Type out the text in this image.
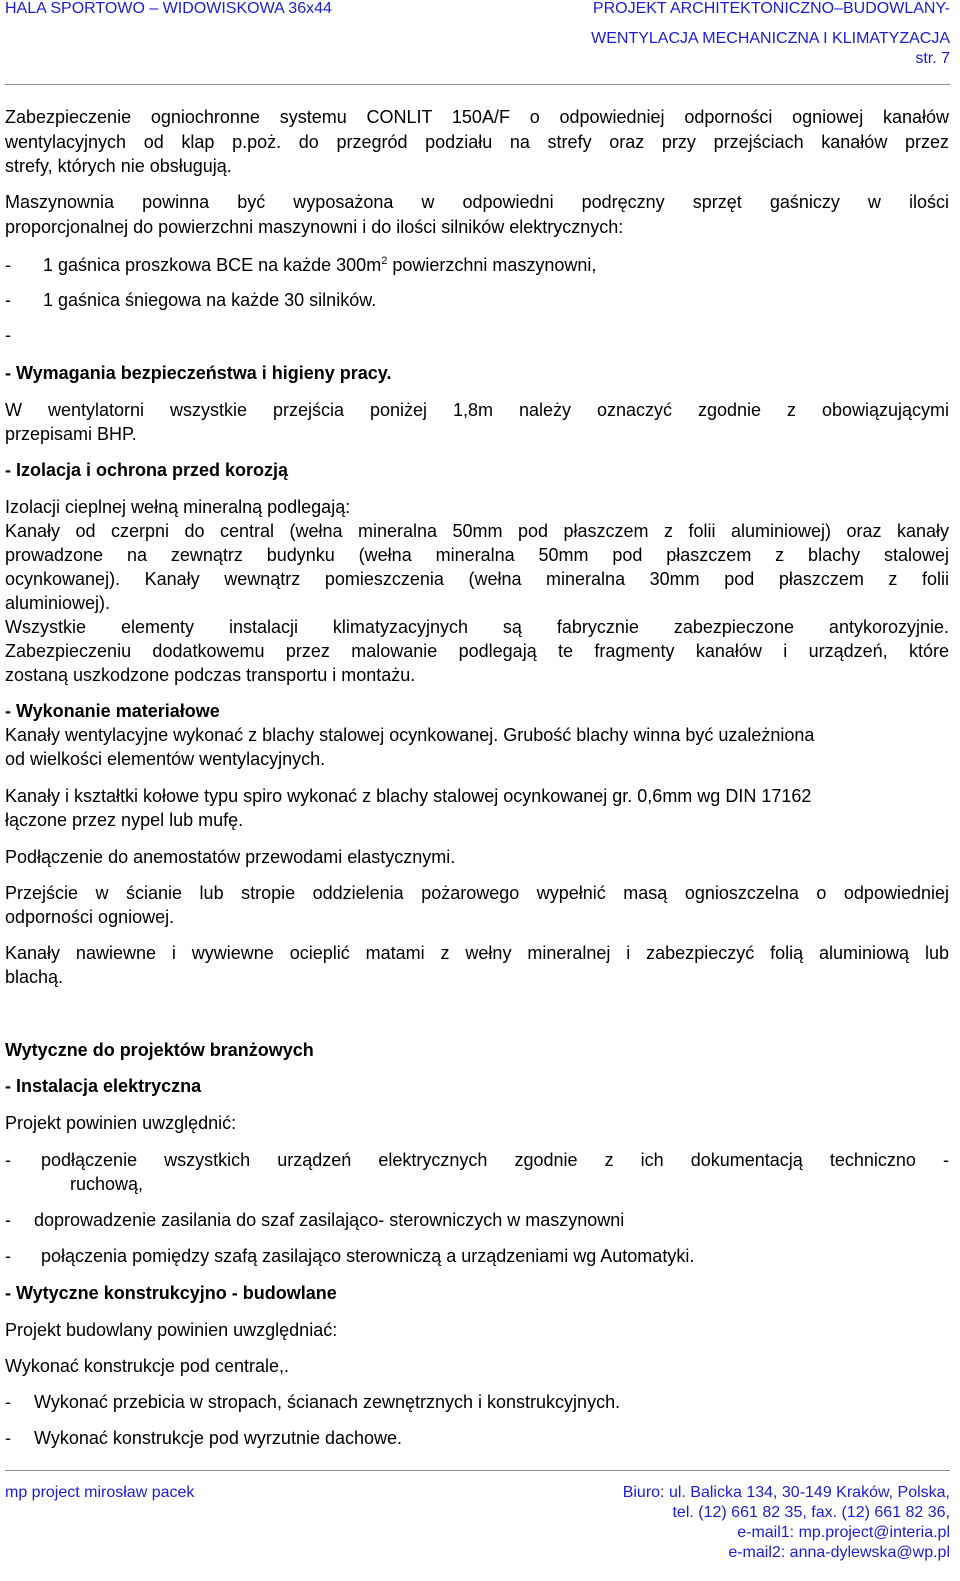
HALA SPORTOWO – WIDOWISKOWA 36x44	PROJEKT ARCHITEKTONICZNO–BUDOWLANY-
WENTYLACJA MECHANICZNA I KLIMATYZACJA
str. 7
Zabezpieczenie ogniochronne systemu CONLIT 150A/F o odpowiedniej odporności ogniowej kanałów
wentylacyjnych od klap p.poż. do przegród podziału na strefy oraz przy przejściach kanałów przez
strefy, których nie obsługują.
Maszynownia powinna być wyposażona w odpowiedni podręczny sprzęt gaśniczy w ilości
proporcjonalnej do powierzchni maszynowni i do ilości silników elektrycznych:
- 1 gaśnica proszkowa BCE na każde $300m^2$ powierzchni maszynowni,
- 1 gaśnica śniegowa na każde 30 silników.
-
- Wymagania bezpieczeństwa i higieny pracy.
W wentylatorni wszystkie przejścia poniżej 1,8m należy oznaczyć zgodnie z obowiązującymi
przepisami BHP.
- Izolacja i ochrona przed korozją
Izolacji cieplnej wełną mineralną podlegają:
Kanały od czerpni do central (wełna mineralna 50mm pod płaszczem z folii aluminiowej) oraz kanały
prowadzone na zewnątrz budynku (wełna mineralna 50mm pod płaszczem z blachy stalowej
ocynkowanej). Kanały wewnątrz pomieszczenia (wełna mineralna 30mm pod płaszczem z folii
aluminiowej).
Wszystkie elementy instalacji klimatyzacyjnych są fabrycznie zabezpieczone antykorozyjnie.
Zabezpieczeniu dodatkowemu przez malowanie podlegają te fragmenty kanałów i urządzeń, które
zostaną uszkodzone podczas transportu i montażu.
- Wykonanie materiałowe
Kanały wentylacyjne wykonać z blachy stalowej ocynkowanej. Grubość blachy winna być uzależniona
od wielkości elementów wentylacyjnych.
Kanały i kształtki kołowe typu spiro wykonać z blachy stalowej ocynkowanej gr. 0,6mm wg DIN 17162
łączone przez nypel lub mufę.
Podłączenie do anemostatów przewodami elastycznymi.
Przejście w ścianie lub stropie oddzielenia pożarowego wypełnić masą ognioszczelna o odpowiedniej
odporności ogniowej.
Kanały nawiewne i wywiewne ocieplić matami z wełny mineralnej i zabezpieczyć folią aluminiową lub
blachą.
Wytyczne do projektów branżowych
- Instalacja elektryczna
Projekt powinien uwzględnić:
- podłączenie wszystkich urządzeń elektrycznych zgodnie z ich dokumentacją techniczno -
ruchową,
- doprowadzenie zasilania do szaf zasilająco- sterowniczych w maszynowni
- połączenia pomiędzy szafą zasilająco sterowniczą a urządzeniami wg Automatyki.
- Wytyczne konstrukcyjno - budowlane
Projekt budowlany powinien uwzględniać:
Wykonać konstrukcje pod centrale,.
- Wykonać przebicia w stropach, ścianach zewnętrznych i konstrukcyjnych.
- Wykonać konstrukcje pod wyrzutnie dachowe.
mp project mirosław pacek	Biuro: ul. Balicka 134, 30-149 Kraków, Polska,
tel. (12) 661 82 35, fax. (12) 661 82 36,
e-mail1: mp.project@interia.pl
e-mail2: anna-dylewska@wp.pl
